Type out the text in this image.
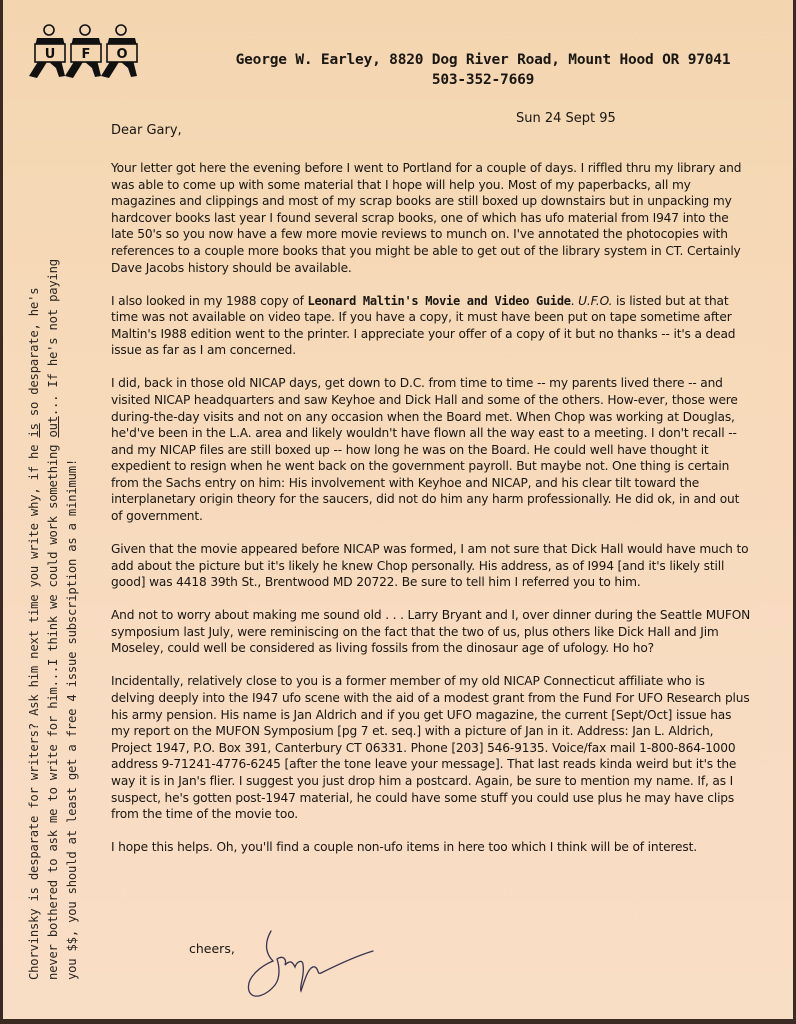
U F O	George W. Earley, 8820 Dog River Road, Mount Hood OR 97041
503-352-7669
Sun 24 Sept 95
Dear Gary,

Your letter got here the evening before I went to Portland for a couple of days. I riffled thru my library and was able to come up with some material that I hope will help you. Most of my paperbacks, all my magazines and clippings and most of my scrap books are still boxed up downstairs but in unpacking my hardcover books last year I found several scrap books, one of which has ufo material from I947 into the late 50's so you now have a few more movie reviews to munch on. I've annotated the photocopies with references to a couple more books that you might be able to get out of the library system in CT. Certainly Dave Jacobs history should be available.

I also looked in my 1988 copy of Leonard Maltin's Movie and Video Guide. U.F.O. is listed but at that time was not available on video tape. If you have a copy, it must have been put on tape sometime after Maltin's I988 edition went to the printer. I appreciate your offer of a copy of it but no thanks -- it's a dead issue as far as I am concerned.

I did, back in those old NICAP days, get down to D.C. from time to time -- my parents lived there -- and visited NICAP headquarters and saw Keyhoe and Dick Hall and some of the others. How-ever, those were during-the-day visits and not on any occasion when the Board met. When Chop was working at Douglas, he'd've been in the L.A. area and likely wouldn't have flown all the way east to a meeting. I don't recall -- and my NICAP files are still boxed up -- how long he was on the Board. He could well have thought it expedient to resign when he went back on the government payroll. But maybe not. One thing is certain from the Sachs entry on him: His involvement with Keyhoe and NICAP, and his clear tilt toward the interplanetary origin theory for the saucers, did not do him any harm professionally. He did ok, in and out of government.

Given that the movie appeared before NICAP was formed, I am not sure that Dick Hall would have much to add about the picture but it's likely he knew Chop personally. His address, as of I994 [and it's likely still good] was 4418 39th St., Brentwood MD 20722. Be sure to tell him I referred you to him.

And not to worry about making me sound old . . . Larry Bryant and I, over dinner during the Seattle MUFON symposium last July, were reminiscing on the fact that the two of us, plus others like Dick Hall and Jim Moseley, could well be considered as living fossils from the dinosaur age of ufology. Ho ho?

Incidentally, relatively close to you is a former member of my old NICAP Connecticut affiliate who is delving deeply into the I947 ufo scene with the aid of a modest grant from the Fund For UFO Research plus his army pension. His name is Jan Aldrich and if you get UFO magazine, the current [Sept/Oct] issue has my report on the MUFON Symposium [pg 7 et. seq.] with a picture of Jan in it. Address: Jan L. Aldrich, Project 1947, P.O. Box 391, Canterbury CT 06331. Phone [203] 546-9135. Voice/fax mail 1-800-864-1000 address 9-71241-4776-6245 [after the tone leave your message]. That last reads kinda weird but it's the way it is in Jan's flier. I suggest you just drop him a postcard. Again, be sure to mention my name. If, as I suspect, he's gotten post-1947 material, he could have some stuff you could use plus he may have clips from the time of the movie too.

I hope this helps. Oh, you'll find a couple non-ufo items in here too which I think will be of interest.

cheers,
Chorvinsky is desparate for writers? Ask him next time you write why, if he is so desparate, he's
never bothered to ask me to write for him...I think we could work something out... If he's not paying
you $$, you should at least get a free 4 issue subscription as a minimum!
